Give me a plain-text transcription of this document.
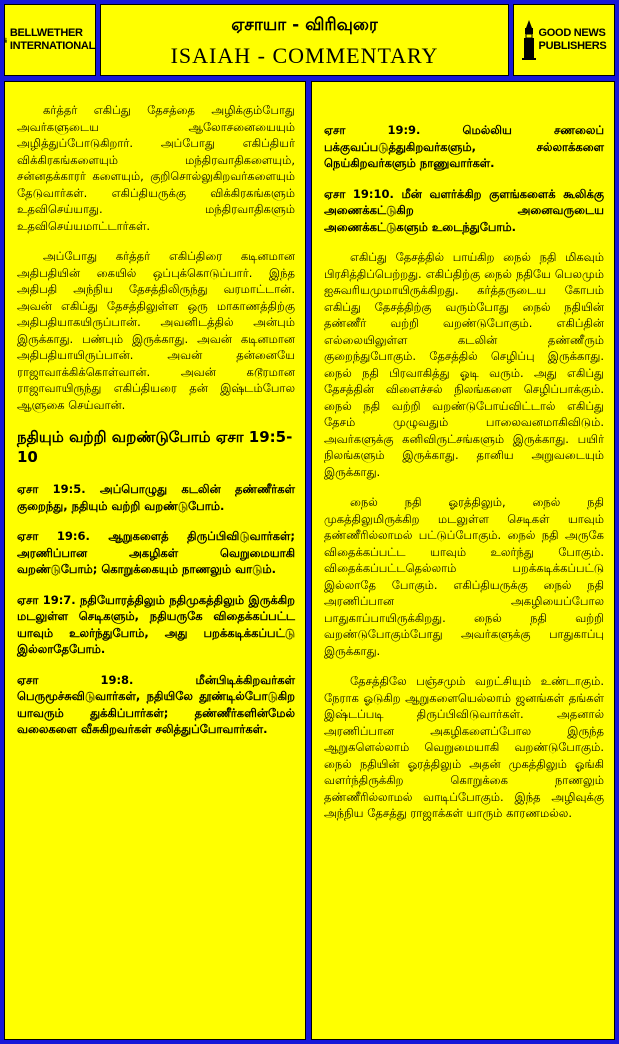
BELLWETHER
INTERNATIONAL
ஏசாயா - விரிவுரை
ISAIAH - COMMENTARY
GOOD NEWS
PUBLISHERS

கர்த்தர் எகிப்து தேசத்தை அழிக்கும்போது அவர்களுடைய ஆலோசனையையும் அழித்துப்போடுகிறார். அப்போது எகிப்தியர் விக்கிரகங்களையும் மந்திரவாதிகளையும், சன்னதக்காரர் களையும், குறிசொல்லுகிறவர்களையும் தேடுவார்கள். எகிப்தியருக்கு விக்கிரகங்களும் உதவிசெய்யாது. மந்திரவாதிகளும் உதவிசெய்யமாட்டார்கள்.

அப்போது கர்த்தர் எகிப்திரை கடினமான அதிபதியின் கையில் ஒப்புக்கொடுப்பார். இந்த அதிபதி அந்நிய தேசத்திலிருந்து வரமாட்டான். அவன் எகிப்து தேசத்திலுள்ள ஒரு மாகாணத்திற்கு அதிபதியாகயிருப்பான். அவனிடத்தில் அன்பும் இருக்காது. பண்பும் இருக்காது. அவன் கடினமான அதிபதியாயிருப்பான். அவன் தன்னையே ராஜாவாக்கிக்கொள்வான். அவன் கடூரமான ராஜாவாயிருந்து எகிப்தியரை தன் இஷ்டம்போல ஆளுகை செய்வான்.

நதியும் வற்றி வறண்டுபோம் ஏசா 19:5-10

ஏசா 19:5. அப்பொழுது கடலின் தண்ணீர்கள் குறைந்து, நதியும் வற்றி வறண்டுபோம்.

ஏசா 19:6. ஆறுகளைத் திருப்பிவிடுவார்கள்; அரணிப்பான அகழிகள் வெறுமையாகி வறண்டுபோம்; கொறுக்கையும் நாணலும் வாடும்.

ஏசா 19:7. நதியோரத்திலும் நதிமுகத்திலும் இருக்கிற மடலுள்ள செடிகளும், நதியருகே விதைக்கப்பட்ட யாவும் உலர்ந்துபோம், அது பறக்கடிக்கப்பட்டு இல்லாதேபோம்.

ஏசா 19:8. மீன்பிடிக்கிறவர்கள் பெருமூச்சுவிடுவார்கள், நதியிலே தூண்டில்போடுகிற யாவரும் துக்கிப்பார்கள்; தண்ணீர்களின்மேல் வலைகளை வீசுகிறவர்கள் சலித்துப்போவார்கள்.

ஏசா 19:9. மெல்லிய சணலைப் பக்குவப்படுத்துகிறவர்களும், சல்லாக்களை நெய்கிறவர்களும் நாணுவார்கள்.

ஏசா 19:10. மீன் வளர்க்கிற குளங்களைக் கூலிக்கு அணைக்கட்டுகிற அனைவருடைய அணைக்கட்டுகளும் உடைந்துபோம்.

எகிப்து தேசத்தில் பாய்கிற நைல் நதி மிகவும் பிரசித்திப்பெற்றது. எகிப்திற்கு நைல் நதியே பெலமும் ஐசுவரியமுமாயிருக்கிறது. கர்த்தருடைய கோபம் எகிப்து தேசத்திற்கு வரும்போது நைல் நதியின் தண்ணீர் வற்றி வறண்டுபோகும். எகிப்தின் எல்லையிலுள்ள கடலின் தண்ணீரும் குறைந்துபோகும். தேசத்தில் செழிப்பு இருக்காது. நைல் நதி பிரவாகித்து ஓடி வரும். அது எகிப்து தேசத்தின் விளைச்சல் நிலங்களை செழிப்பாக்கும். நைல் நதி வற்றி வறண்டுபோய்விட்டால் எகிப்து தேசம் முழுவதும் பாலைவனமாகிவிடும். அவர்களுக்கு கனிவிருட்சங்களும் இருக்காது. பயிர் நிலங்களும் இருக்காது. தானிய அறுவடையும் இருக்காது.

நைல் நதி ஓரத்திலும், நைல் நதி முகத்திலுமிருக்கிற மடலுள்ள செடிகள் யாவும் தண்ணீரில்லாமல் பட்டுப்போகும். நைல் நதி அருகே விதைக்கப்பட்ட யாவும் உலர்ந்து போகும். விதைக்கப்பட்டதெல்லாம் பறக்கடிக்கப்பட்டு இல்லாதே போகும். எகிப்தியருக்கு நைல் நதி அரணிப்பான அகழியைப்போல பாதுகாப்பாயிருக்கிறது. நைல் நதி வற்றி வறண்டுபோகும்போது அவர்களுக்கு பாதுகாப்பு இருக்காது.

தேசத்திலே பஞ்சமும் வறட்சியும் உண்டாகும். நேராக ஓடுகிற ஆறுகளையெல்லாம் ஜனங்கள் தங்கள் இஷ்டப்படி திருப்பிவிடுவார்கள். அதனால் அரணிப்பான அகழிகளைப்போல இருந்த ஆறுகளெல்லாம் வெறுமையாகி வறண்டுபோகும். நைல் நதியின் ஓரத்திலும் அதன் முகத்திலும் ஓங்கி வளர்ந்திருக்கிற கொறுக்கை நாணலும் தண்ணீரில்லாமல் வாடிப்போகும். இந்த அழிவுக்கு அந்நிய தேசத்து ராஜாக்கள் யாரும் காரணமல்ல.
